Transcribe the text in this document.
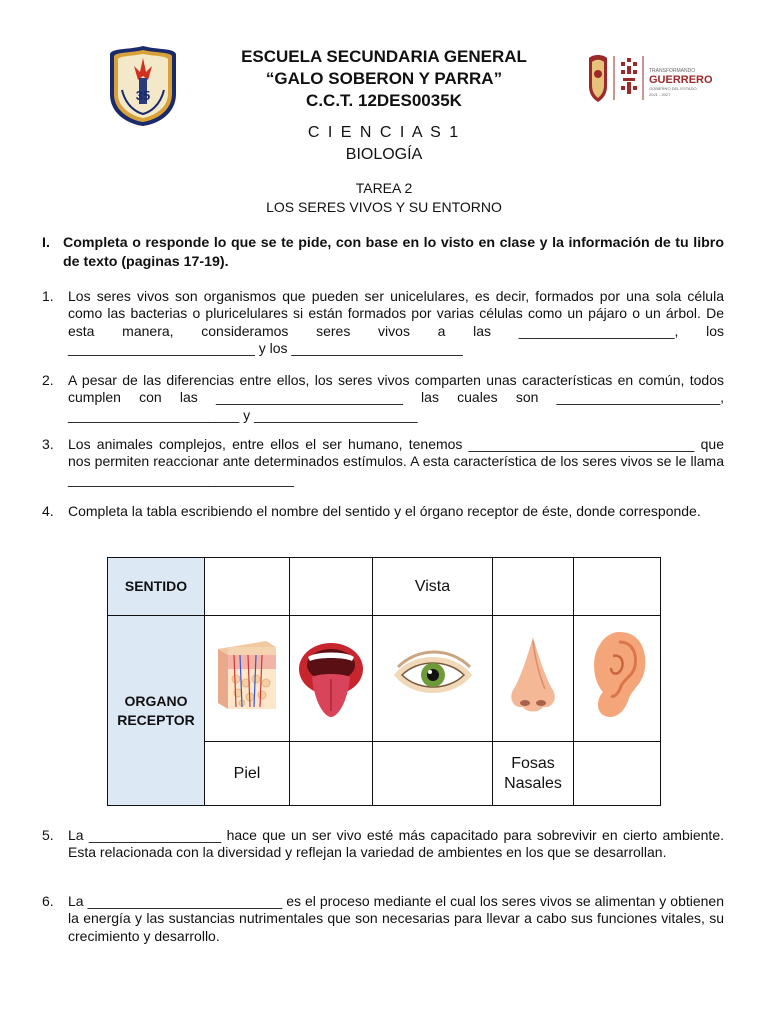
35
ESCUELA SECUNDARIA GENERAL
“GALO SOBERON Y PARRA”
C.C.T. 12DES0035K
TRANSFORMANDO
GUERRERO
GOBIERNO DEL ESTADO
2021 - 2027
C I E N C I A S 1
BIOLOGÍA
TAREA 2
LOS SERES VIVOS Y SU ENTORNO
I. Completa o responde lo que se te pide, con base en lo visto en clase y la información de tu libro de texto (paginas 17-19).
1. Los seres vivos son organismos que pueden ser unicelulares, es decir, formados por una sola célula como las bacterias o pluricelulares si están formados por varias células como un pájaro o un árbol. De esta manera, consideramos seres vivos a las ____________________, los ________________________ y los ______________________
2. A pesar de las diferencias entre ellos, los seres vivos comparten unas características en común, todos cumplen con las ________________________ las cuales son _____________________, ______________________ y _____________________
3. Los animales complejos, entre ellos el ser humano, tenemos _____________________________ que nos permiten reaccionar ante determinados estímulos. A esta característica de los seres vivos se le llama _____________________________
4. Completa la tabla escribiendo el nombre del sentido y el órgano receptor de éste, donde corresponde.
SENTIDO			Vista		
ORGANO RECEPTOR					
	Piel			Fosas Nasales	
5. La _________________ hace que un ser vivo esté más capacitado para sobrevivir en cierto ambiente. Esta relacionada con la diversidad y reflejan la variedad de ambientes en los que se desarrollan.
6. La _________________________ es el proceso mediante el cual los seres vivos se alimentan y obtienen la energía y las sustancias nutrimentales que son necesarias para llevar a cabo sus funciones vitales, su crecimiento y desarrollo.
